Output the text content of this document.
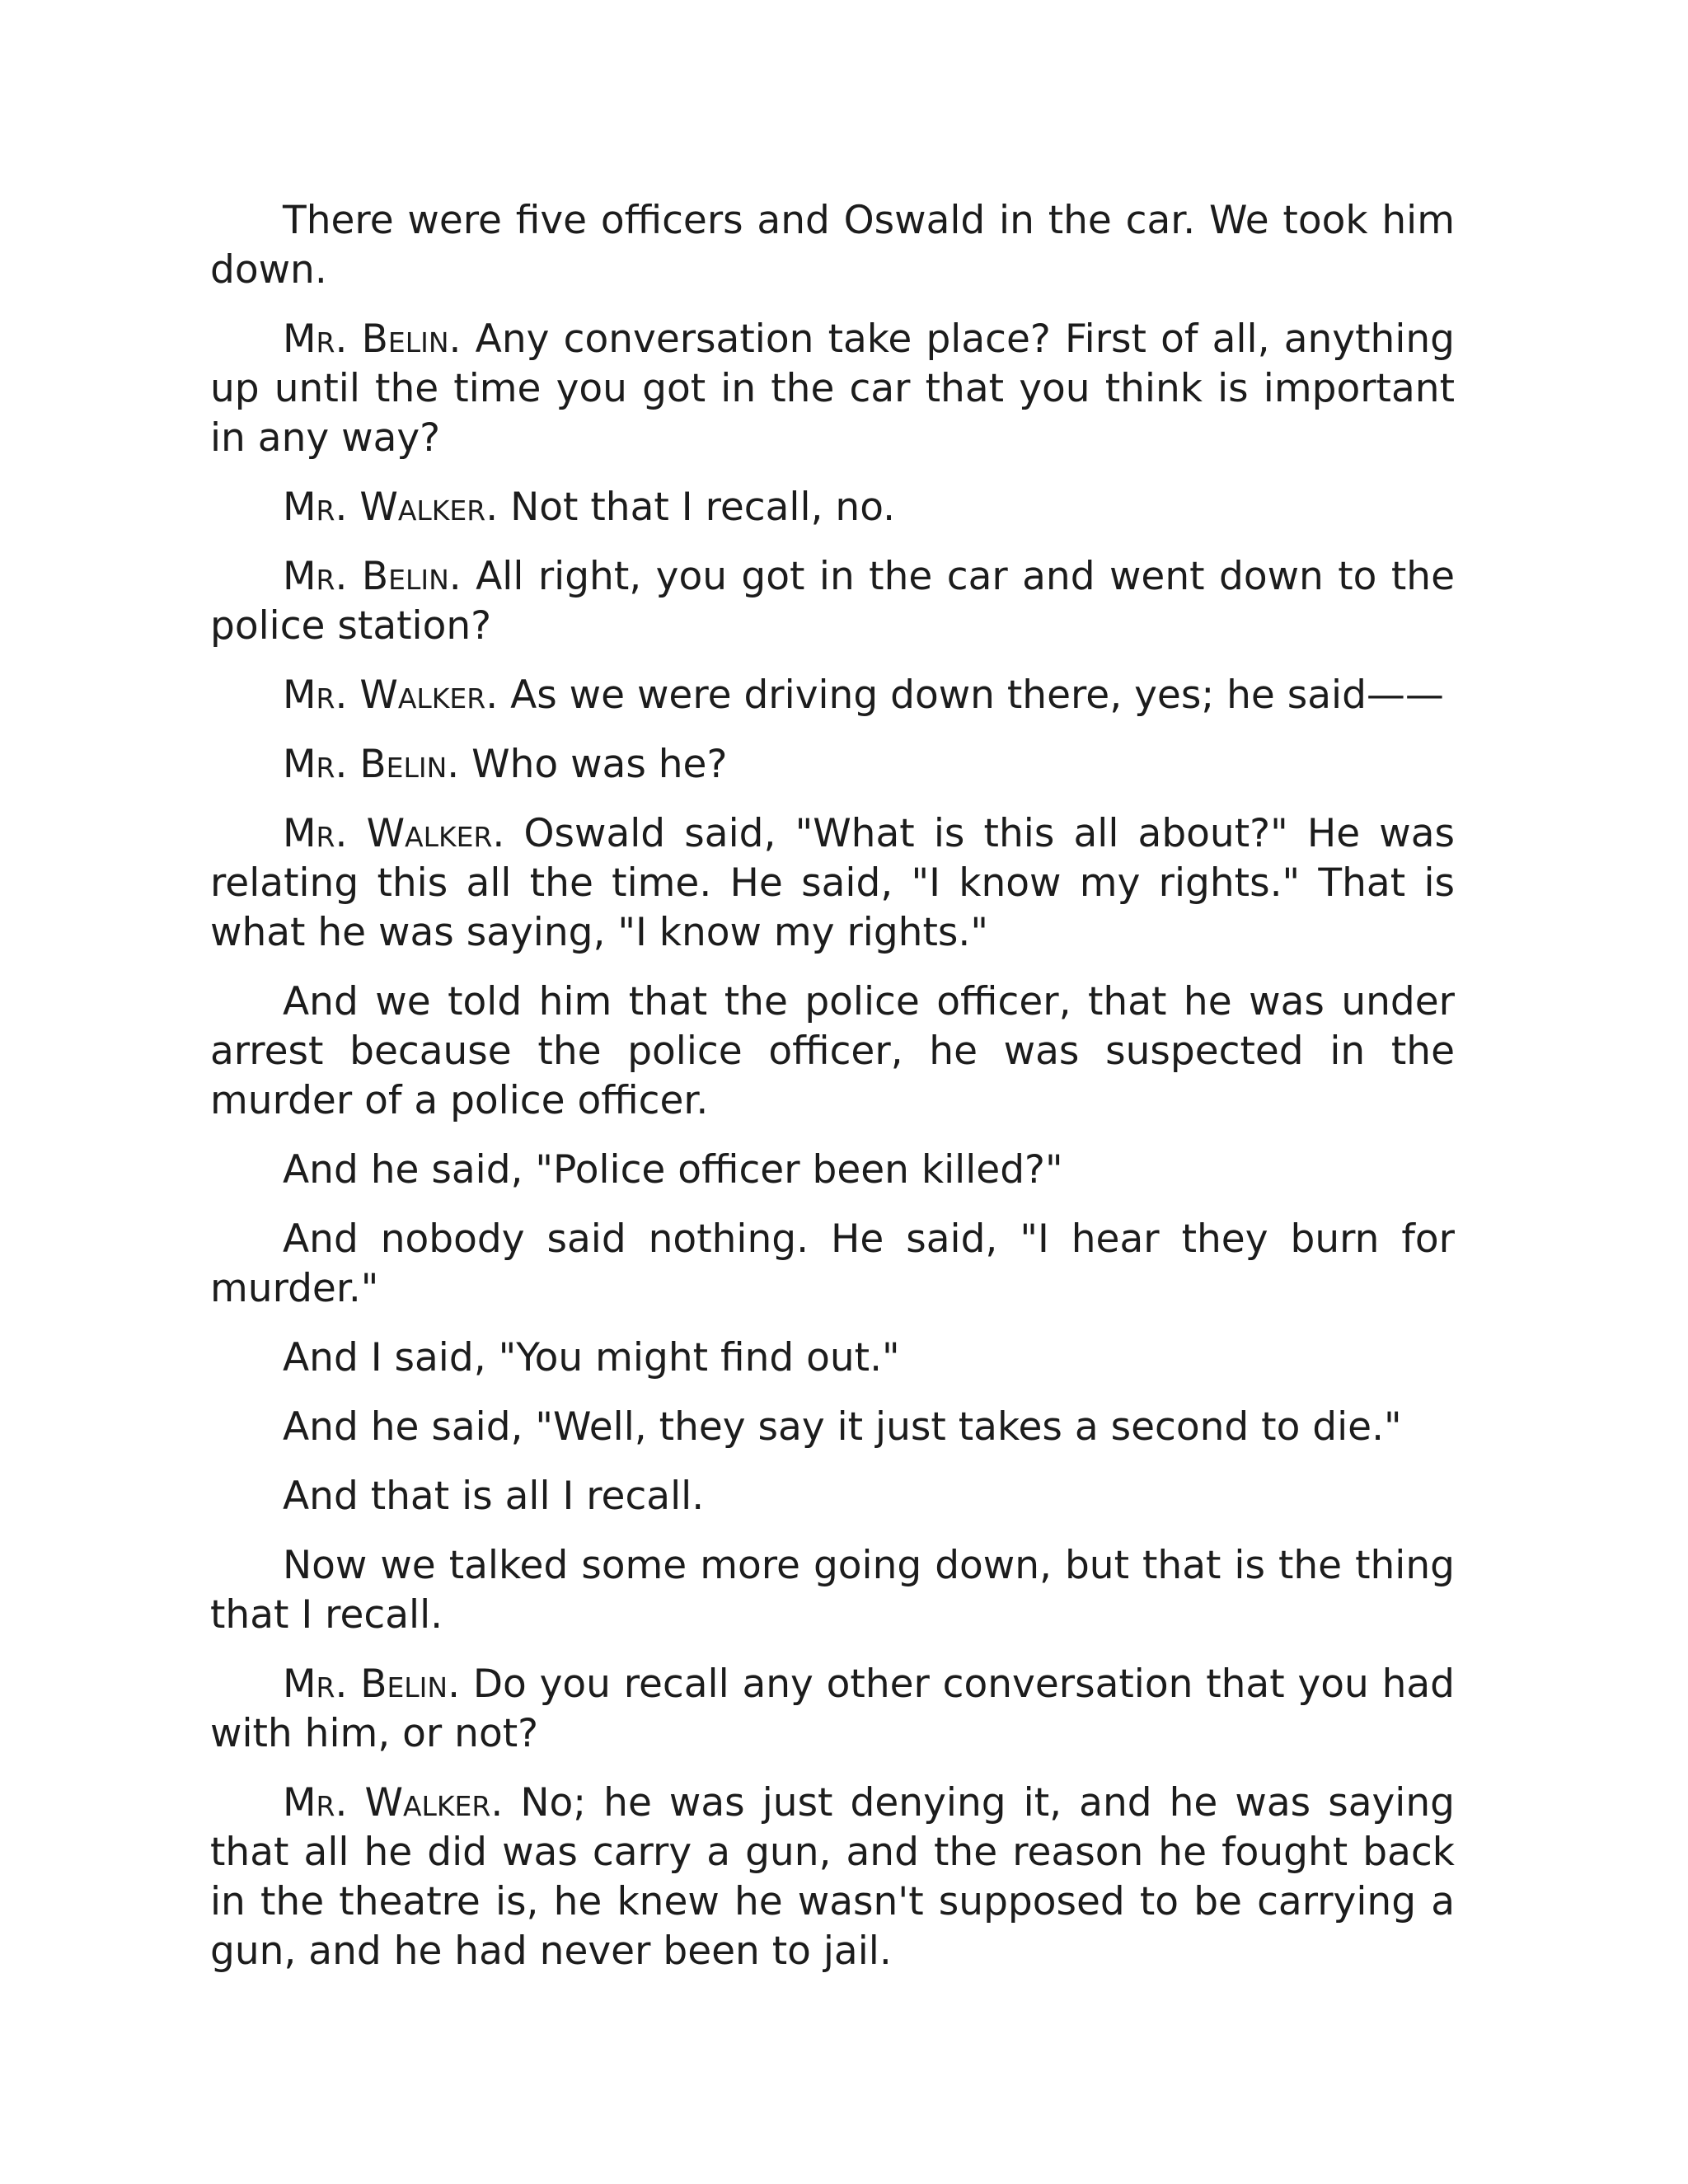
There were five officers and Oswald in the car. We took him down.

Mr. Belin. Any conversation take place? First of all, anything up until the time you got in the car that you think is important in any way?

Mr. Walker. Not that I recall, no.

Mr. Belin. All right, you got in the car and went down to the police station?

Mr. Walker. As we were driving down there, yes; he said——

Mr. Belin. Who was he?

Mr. Walker. Oswald said, "What is this all about?" He was relating this all the time. He said, "I know my rights." That is what he was saying, "I know my rights."

And we told him that the police officer, that he was under arrest because the police officer, he was suspected in the murder of a police officer.

And he said, "Police officer been killed?"

And nobody said nothing. He said, "I hear they burn for murder."

And I said, "You might find out."

And he said, "Well, they say it just takes a second to die."

And that is all I recall.

Now we talked some more going down, but that is the thing that I recall.

Mr. Belin. Do you recall any other conversation that you had with him, or not?

Mr. Walker. No; he was just denying it, and he was saying that all he did was carry a gun, and the reason he fought back in the theatre is, he knew he wasn't supposed to be carrying a gun, and he had never been to jail.
